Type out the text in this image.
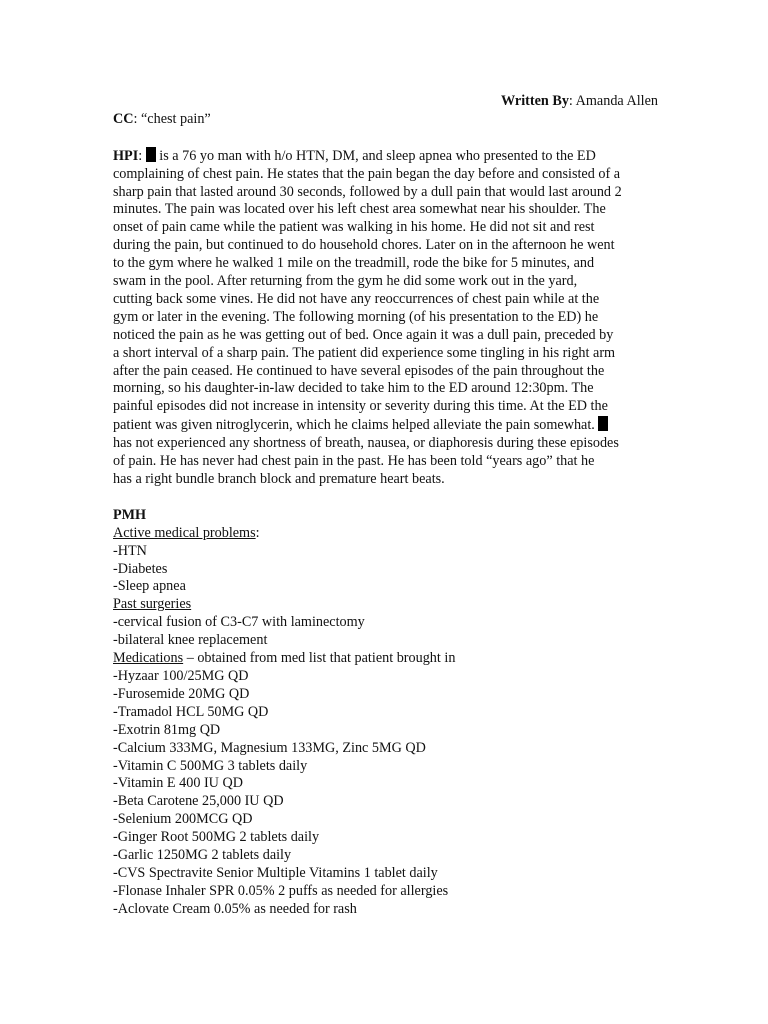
Written By: Amanda Allen

CC: “chest pain”

HPI:  is a 76 yo man with h/o HTN, DM, and sleep apnea who presented to the ED
complaining of chest pain. He states that the pain began the day before and consisted of a
sharp pain that lasted around 30 seconds, followed by a dull pain that would last around 2
minutes. The pain was located over his left chest area somewhat near his shoulder. The
onset of pain came while the patient was walking in his home. He did not sit and rest
during the pain, but continued to do household chores. Later on in the afternoon he went
to the gym where he walked 1 mile on the treadmill, rode the bike for 5 minutes, and
swam in the pool. After returning from the gym he did some work out in the yard,
cutting back some vines. He did not have any reoccurrences of chest pain while at the
gym or later in the evening. The following morning (of his presentation to the ED) he
noticed the pain as he was getting out of bed. Once again it was a dull pain, preceded by
a short interval of a sharp pain. The patient did experience some tingling in his right arm
after the pain ceased. He continued to have several episodes of the pain throughout the
morning, so his daughter-in-law decided to take him to the ED around 12:30pm. The
painful episodes did not increase in intensity or severity during this time. At the ED the
patient was given nitroglycerin, which he claims helped alleviate the pain somewhat.
has not experienced any shortness of breath, nausea, or diaphoresis during these episodes
of pain. He has never had chest pain in the past. He has been told “years ago” that he
has a right bundle branch block and premature heart beats.

PMH

Active medical problems:

-HTN

-Diabetes

-Sleep apnea

Past surgeries

-cervical fusion of C3-C7 with laminectomy

-bilateral knee replacement

Medications – obtained from med list that patient brought in

-Hyzaar 100/25MG QD

-Furosemide 20MG QD

-Tramadol HCL 50MG QD

-Exotrin 81mg QD

-Calcium 333MG, Magnesium 133MG, Zinc 5MG QD

-Vitamin C 500MG 3 tablets daily

-Vitamin E 400 IU QD

-Beta Carotene 25,000 IU QD

-Selenium 200MCG QD

-Ginger Root 500MG 2 tablets daily

-Garlic 1250MG 2 tablets daily

-CVS Spectravite Senior Multiple Vitamins 1 tablet daily

-Flonase Inhaler SPR 0.05% 2 puffs as needed for allergies

-Aclovate Cream 0.05% as needed for rash
